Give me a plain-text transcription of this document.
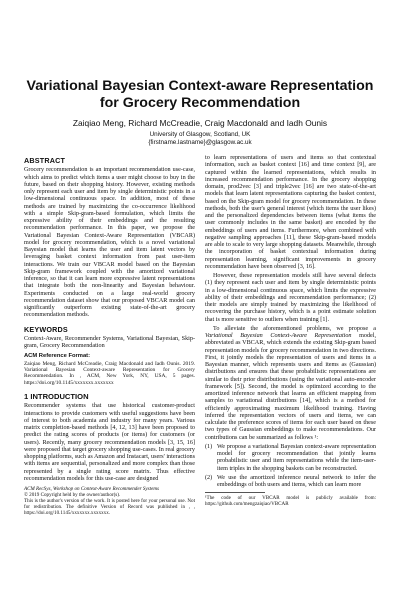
Variational Bayesian Context-aware Representation for Grocery Recommendation
Zaiqiao Meng, Richard McCreadie, Craig Macdonald and Iadh Ounis
University of Glasgow, Scotland, UK
{firstname.lastname}@glasgow.ac.uk
ABSTRACT

Grocery recommendation is an important recommendation use-case, which aims to predict which items a user might choose to buy in the future, based on their shopping history. However, existing methods only represent each user and item by single deterministic points in a low-dimensional continuous space. In addition, most of these methods are trained by maximizing the co-occurrence likelihood with a simple Skip-gram-based formulation, which limits the expressive ability of their embeddings and the resulting recommendation performance. In this paper, we propose the Variational Bayesian Context-Aware Representation (VBCAR) model for grocery recommendation, which is a novel variational Bayesian model that learns the user and item latent vectors by leveraging basket context information from past user-item interactions. We train our VBCAR model based on the Bayesian Skip-gram framework coupled with the amortized variational inference, so that it can learn more expressive latent representations that integrate both the non-linearity and Bayesian behaviour. Experiments conducted on a large real-world grocery recommendation dataset show that our proposed VBCAR model can significantly outperform existing state-of-the-art grocery recommendation methods.

KEYWORDS

Context-Aware, Recommender Systems, Variational Bayesian, Skip-gram, Grocery Recommendation

ACM Reference Format:

Zaiqiao Meng, Richard McCreadie, Craig Macdonald and Iadh Ounis. 2019. Variational Bayesian Context-aware Representation for Grocery Recommendation. In , ACM, New York, NY, USA, 5 pages. https://doi.org/10.1145/xxxxxxx.xxxxxxx

1 INTRODUCTION

Recommender systems that use historical customer-product interactions to provide customers with useful suggestions have been of interest to both academia and industry for many years. Various matrix completion-based methods [4, 12, 13] have been proposed to predict the rating scores of products (or items) for customers (or users). Recently, many grocery recommendation models [3, 15, 16] were proposed that target grocery shopping use-cases. In real grocery shopping platforms, such as Amazon and Instacart, users' interactions with items are sequential, personalized and more complex than those represented by a single rating score matrix. Thus effective recommendation models for this use-case are designed

ACM RecSys, Workshop on Context-Aware Recommender Systems
© 2019 Copyright held by the owner/author(s).
This is the author's version of the work. It is posted here for your personal use. Not for redistribution. The definitive Version of Record was published in , , https://doi.org/10.1145/xxxxxxx.xxxxxxx.

to learn representations of users and items so that contextual information, such as basket context [16] and time context [9], are captured within the learned representations, which results in increased recommendation performance. In the grocery shopping domain, prod2vec [3] and triple2vec [16] are two state-of-the-art models that learn latent representations capturing the basket context, based on the Skip-gram model for grocery recommendation. In these methods, both the user's general interest (which items the user likes) and the personalized dependencies between items (what items the user commonly includes in the same basket) are encoded by the embeddings of users and items. Furthermore, when combined with negative sampling approaches [11], these Skip-gram-based models are able to scale to very large shopping datasets. Meanwhile, through the incorporation of basket contextual information during representation learning, significant improvements in grocery recommendation have been observed [3, 16].

However, these representation models still have several defects (1) they represent each user and item by single deterministic points in a low-dimensional continuous space, which limits the expressive ability of their embeddings and recommendation performance; (2) their models are simply trained by maximizing the likelihood of recovering the purchase history, which is a point estimate solution that is more sensitive to outliers when training [1].

To alleviate the aforementioned problems, we propose a Variational Bayesian Context-Aware Representation model, abbreviated as VBCAR, which extends the existing Skip-gram based representation models for grocery recommendation in two directions. First, it jointly models the representation of users and items in a Bayesian manner, which represents users and items as (Gaussian) distributions and ensures that these probabilistic representations are similar to their prior distributions (using the variational auto-encoder framework [5]). Second, the model is optimized according to the amortized inference network that learns an efficient mapping from samples to variational distributions [14], which is a method for efficiently approximating maximum likelihood training. Having inferred the representation vectors of users and items, we can calculate the preference scores of items for each user based on these two types of Gaussian embeddings to make recommendations. Our contributions can be summarized as follows ¹:

(1) We propose a variational Bayesian context-aware representation model for grocery recommendation that jointly learns probabilistic user and item representations while the item-user-item triples in the shopping baskets can be reconstructed.
(2) We use the amortized inference neural network to infer the embeddings of both users and items, which can learn more
¹The code of our VBCAR model is publicly available from: https://github.com/mengzaiqiao/VBCAR
